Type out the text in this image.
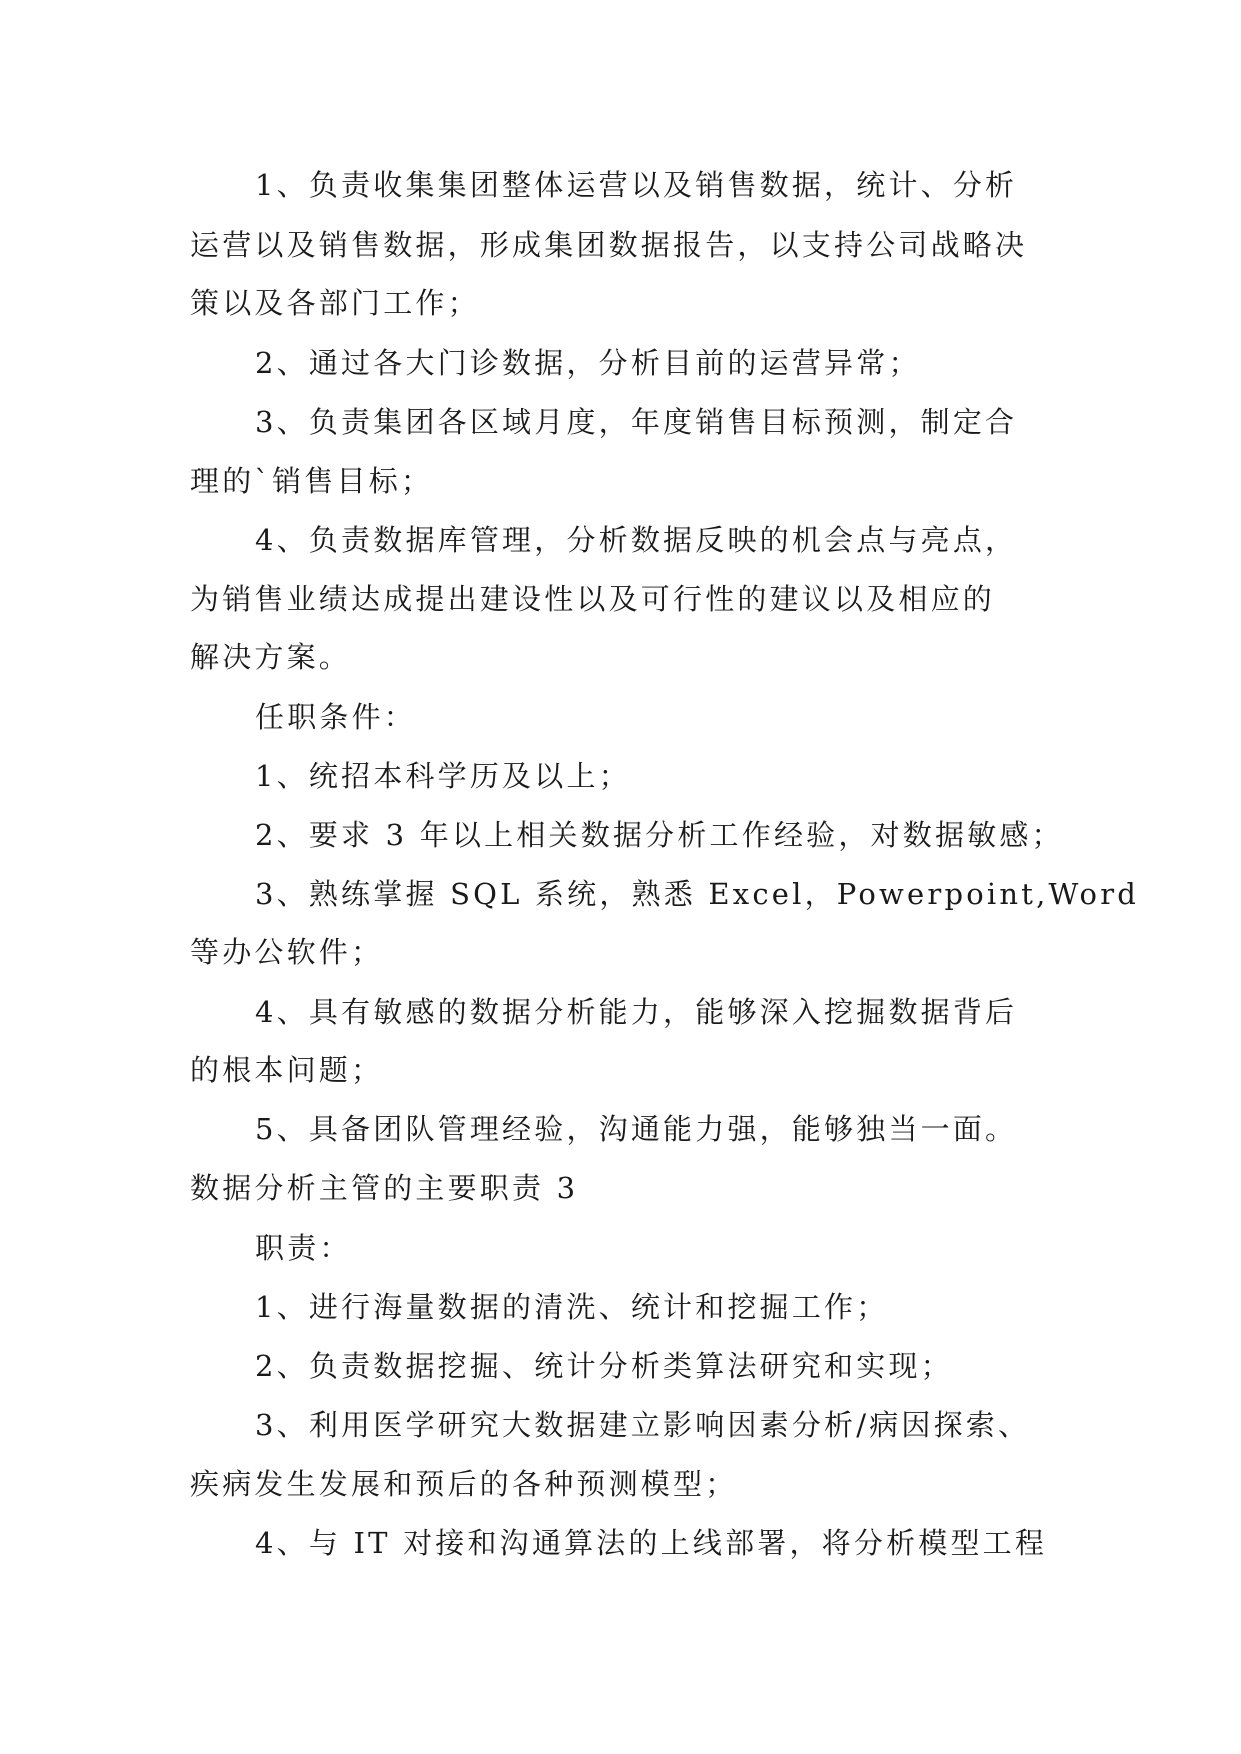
1、负责收集集团整体运营以及销售数据，统计、分析
运营以及销售数据，形成集团数据报告，以支持公司战略决
策以及各部门工作；
2、通过各大门诊数据，分析目前的运营异常；
3、负责集团各区域月度，年度销售目标预测，制定合
理的`销售目标；
4、负责数据库管理，分析数据反映的机会点与亮点，
为销售业绩达成提出建设性以及可行性的建议以及相应的
解决方案。
任职条件：
1、统招本科学历及以上；
2、要求 3 年以上相关数据分析工作经验，对数据敏感；
3、熟练掌握 SQL 系统，熟悉 Excel，Powerpoint,Word
等办公软件；
4、具有敏感的数据分析能力，能够深入挖掘数据背后
的根本问题；
5、具备团队管理经验，沟通能力强，能够独当一面。
数据分析主管的主要职责 3
职责：
1、进行海量数据的清洗、统计和挖掘工作；
2、负责数据挖掘、统计分析类算法研究和实现；
3、利用医学研究大数据建立影响因素分析/病因探索、
疾病发生发展和预后的各种预测模型；
4、与 IT 对接和沟通算法的上线部署，将分析模型工程
